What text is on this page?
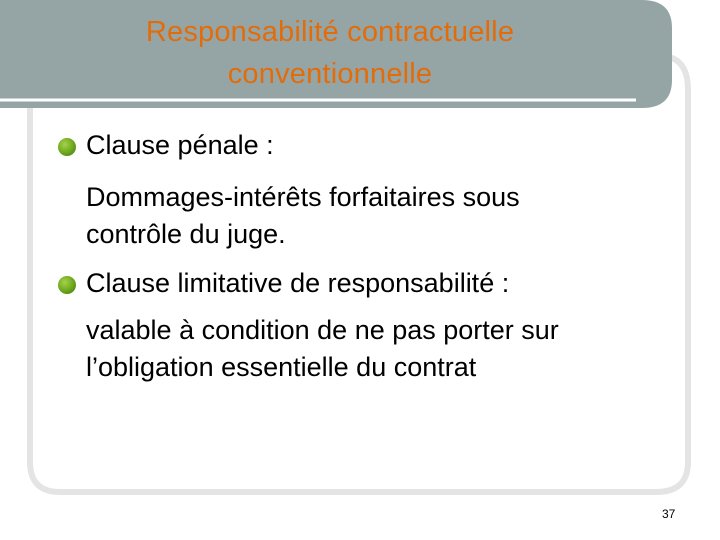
Responsabilité contractuelle
conventionnelle
Clause pénale :
Dommages-intérêts forfaitaires sous
contrôle du juge.
Clause limitative de responsabilité :
valable à condition de ne pas porter sur
l’obligation essentielle du contrat
37
